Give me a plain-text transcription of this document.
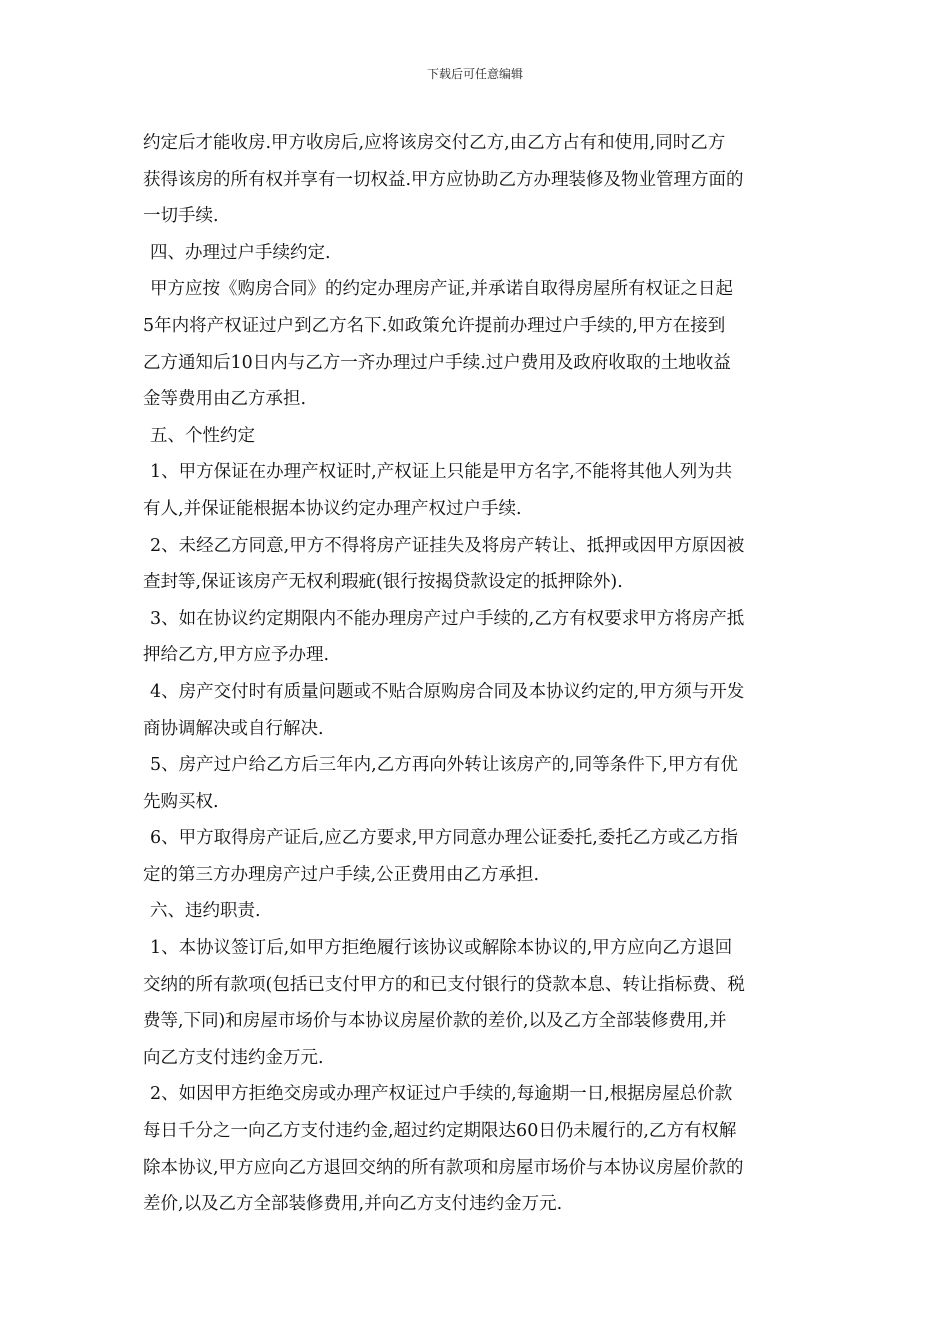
下载后可任意编辑
约定后才能收房.甲方收房后,应将该房交付乙方,由乙方占有和使用,同时乙方
获得该房的所有权并享有一切权益.甲方应协助乙方办理装修及物业管理方面的
一切手续.
四、办理过户手续约定.
甲方应按《购房合同》的约定办理房产证,并承诺自取得房屋所有权证之日起
5年内将产权证过户到乙方名下.如政策允许提前办理过户手续的,甲方在接到
乙方通知后10日内与乙方一齐办理过户手续.过户费用及政府收取的土地收益
金等费用由乙方承担.
五、个性约定
1、甲方保证在办理产权证时,产权证上只能是甲方名字,不能将其他人列为共
有人,并保证能根据本协议约定办理产权过户手续.
2、未经乙方同意,甲方不得将房产证挂失及将房产转让、抵押或因甲方原因被
查封等,保证该房产无权利瑕疵(银行按揭贷款设定的抵押除外).
3、如在协议约定期限内不能办理房产过户手续的,乙方有权要求甲方将房产抵
押给乙方,甲方应予办理.
4、房产交付时有质量问题或不贴合原购房合同及本协议约定的,甲方须与开发
商协调解决或自行解决.
5、房产过户给乙方后三年内,乙方再向外转让该房产的,同等条件下,甲方有优
先购买权.
6、甲方取得房产证后,应乙方要求,甲方同意办理公证委托,委托乙方或乙方指
定的第三方办理房产过户手续,公正费用由乙方承担.
六、违约职责.
1、本协议签订后,如甲方拒绝履行该协议或解除本协议的,甲方应向乙方退回
交纳的所有款项(包括已支付甲方的和已支付银行的贷款本息、转让指标费、税
费等,下同)和房屋市场价与本协议房屋价款的差价,以及乙方全部装修费用,并
向乙方支付违约金万元.
2、如因甲方拒绝交房或办理产权证过户手续的,每逾期一日,根据房屋总价款
每日千分之一向乙方支付违约金,超过约定期限达60日仍未履行的,乙方有权解
除本协议,甲方应向乙方退回交纳的所有款项和房屋市场价与本协议房屋价款的
差价,以及乙方全部装修费用,并向乙方支付违约金万元.
